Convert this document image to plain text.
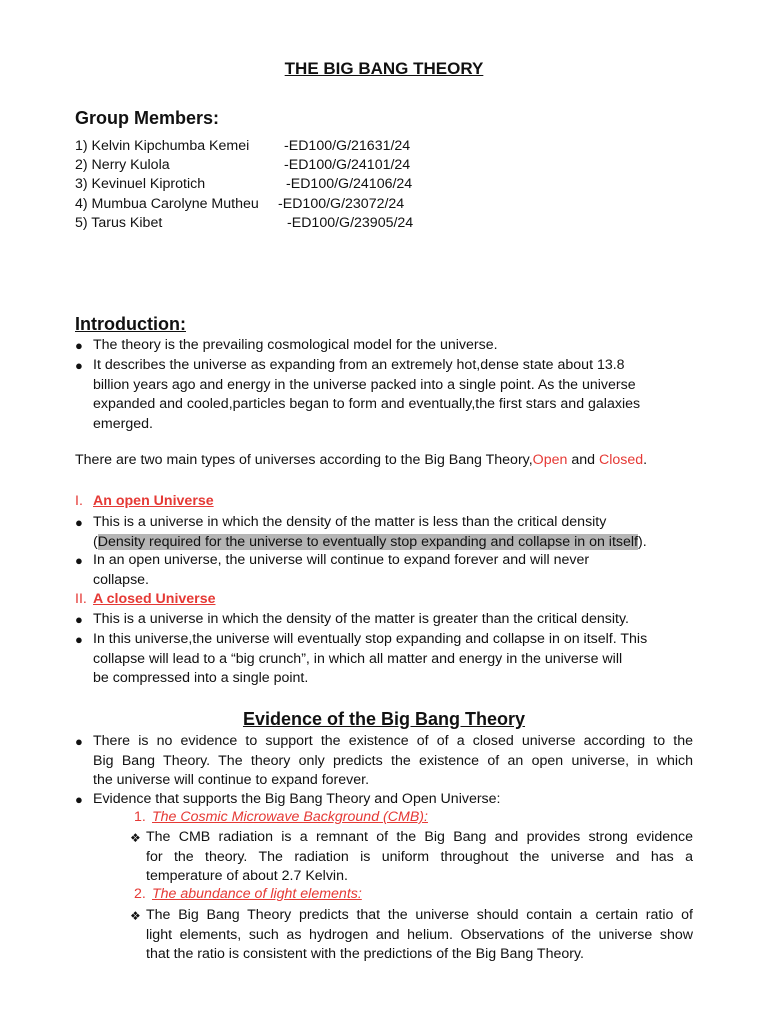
THE BIG BANG THEORY
Group Members:
1) Kelvin Kipchumba Kemei -ED100/G/21631/24
2) Nerry Kulola	-ED100/G/24101/24
3) Kevinuel Kiprotich	-ED100/G/24106/24
4) Mumbua Carolyne Mutheu -ED100/G/23072/24
5) Tarus Kibet	-ED100/G/23905/24
Introduction:
● The theory is the prevailing cosmological model for the universe.
● It describes the universe as expanding from an extremely hot,dense state about 13.8
billion years ago and energy in the universe packed into a single point. As the universe
expanded and cooled,particles began to form and eventually,the first stars and galaxies
emerged.
There are two main types of universes according to the Big Bang Theory,Open and Closed.
I. An open Universe
● This is a universe in which the density of the matter is less than the critical density
(Density required for the universe to eventually stop expanding and collapse in on itself).
● In an open universe, the universe will continue to expand forever and will never
collapse.
II. A closed Universe
● This is a universe in which the density of the matter is greater than the critical density.
● In this universe,the universe will eventually stop expanding and collapse in on itself. This
collapse will lead to a “big crunch”, in which all matter and energy in the universe will
be compressed into a single point.
Evidence of the Big Bang Theory
● There is no evidence to support the existence of of a closed universe according to the
Big Bang Theory. The theory only predicts the existence of an open universe, in which
the universe will continue to expand forever.
● Evidence that supports the Big Bang Theory and Open Universe:
1. The Cosmic Microwave Background (CMB):
❖ The CMB radiation is a remnant of the Big Bang and provides strong evidence
for the theory. The radiation is uniform throughout the universe and has a
temperature of about 2.7 Kelvin.
2. The abundance of light elements:
❖ The Big Bang Theory predicts that the universe should contain a certain ratio of
light elements, such as hydrogen and helium. Observations of the universe show
that the ratio is consistent with the predictions of the Big Bang Theory.
